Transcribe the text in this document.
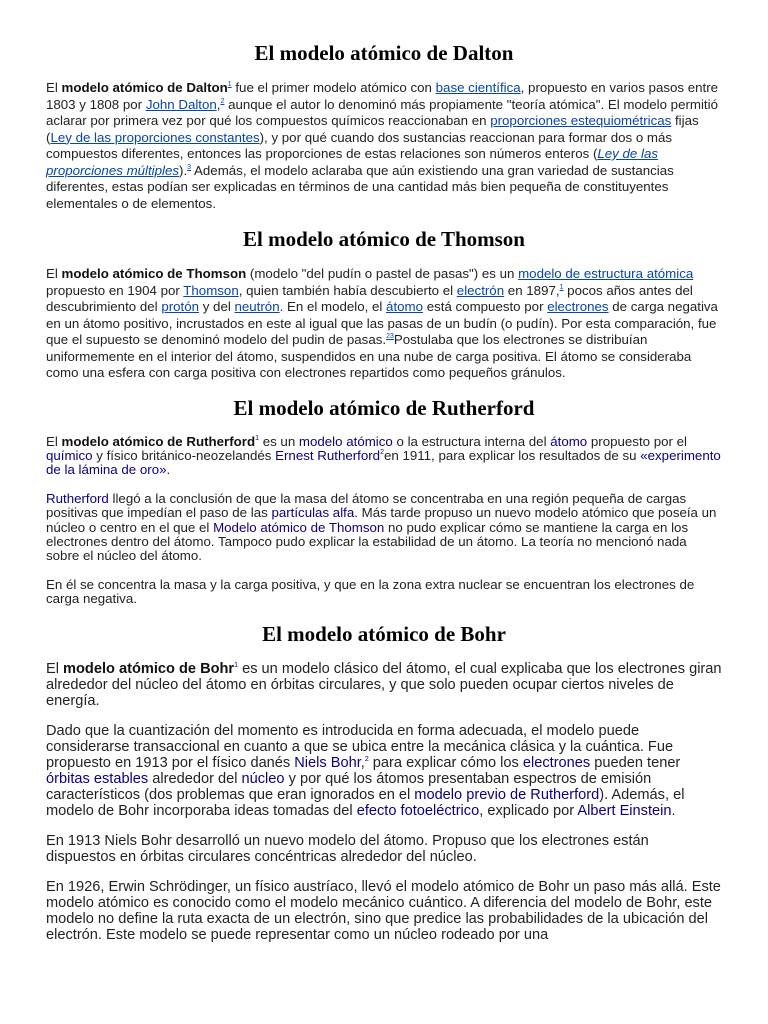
El modelo atómico de Dalton

El modelo atómico de Dalton$^1$ fue el primer modelo atómico con base científica, propuesto en varios pasos entre 1803 y 1808 por John Dalton,$^2$ aunque el autor lo denominó más propiamente "teoría atómica". El modelo permitió aclarar por primera vez por qué los compuestos químicos reaccionaban en proporciones estequiométricas fijas (Ley de las proporciones constantes), y por qué cuando dos sustancias reaccionan para formar dos o más compuestos diferentes, entonces las proporciones de estas relaciones son números enteros (Ley de las proporciones múltiples).$^3$ Además, el modelo aclaraba que aún existiendo una gran variedad de sustancias diferentes, estas podían ser explicadas en términos de una cantidad más bien pequeña de constituyentes elementales o de elementos.

El modelo atómico de Thomson

El modelo atómico de Thomson (modelo "del pudín o pastel de pasas") es un modelo de estructura atómica propuesto en 1904 por Thomson, quien también había descubierto el electrón en 1897,$^1$ pocos años antes del descubrimiento del protón y del neutrón. En el modelo, el átomo está compuesto por electrones de carga negativa en un átomo positivo, incrustados en este al igual que las pasas de un budín (o pudín). Por esta comparación, fue que el supuesto se denominó modelo del pudin de pasas.$^{23}$Postulaba que los electrones se distribuían uniformemente en el interior del átomo, suspendidos en una nube de carga positiva. El átomo se consideraba como una esfera con carga positiva con electrones repartidos como pequeños gránulos.

El modelo atómico de Rutherford

El modelo atómico de Rutherford$^1$ es un modelo atómico o la estructura interna del átomo propuesto por el químico y físico británico-neozelandés Ernest Rutherford$^2$en 1911, para explicar los resultados de su «experimento de la lámina de oro».

Rutherford llegó a la conclusión de que la masa del átomo se concentraba en una región pequeña de cargas positivas que impedían el paso de las partículas alfa. Más tarde propuso un nuevo modelo atómico que poseía un núcleo o centro en el que el Modelo atómico de Thomson no pudo explicar cómo se mantiene la carga en los electrones dentro del átomo. Tampoco pudo explicar la estabilidad de un átomo. La teoría no mencionó nada sobre el núcleo del átomo.

En él se concentra la masa y la carga positiva, y que en la zona extra nuclear se encuentran los electrones de carga negativa.

El modelo atómico de Bohr

El modelo atómico de Bohr$^1$ es un modelo clásico del átomo, el cual explicaba que los electrones giran alrededor del núcleo del átomo en órbitas circulares, y que solo pueden ocupar ciertos niveles de energía.

Dado que la cuantización del momento es introducida en forma adecuada, el modelo puede considerarse transaccional en cuanto a que se ubica entre la mecánica clásica y la cuántica. Fue propuesto en 1913 por el físico danés Niels Bohr,$^2$ para explicar cómo los electrones pueden tener órbitas estables alrededor del núcleo y por qué los átomos presentaban espectros de emisión característicos (dos problemas que eran ignorados en el modelo previo de Rutherford). Además, el modelo de Bohr incorporaba ideas tomadas del efecto fotoeléctrico, explicado por Albert Einstein.

En 1913 Niels Bohr desarrolló un nuevo modelo del átomo. Propuso que los electrones están dispuestos en órbitas circulares concéntricas alrededor del núcleo.

En 1926, Erwin Schrödinger, un físico austríaco, llevó el modelo atómico de Bohr un paso más allá. Este modelo atómico es conocido como el modelo mecánico cuántico. A diferencia del modelo de Bohr, este modelo no define la ruta exacta de un electrón, sino que predice las probabilidades de la ubicación del electrón. Este modelo se puede representar como un núcleo rodeado por una
